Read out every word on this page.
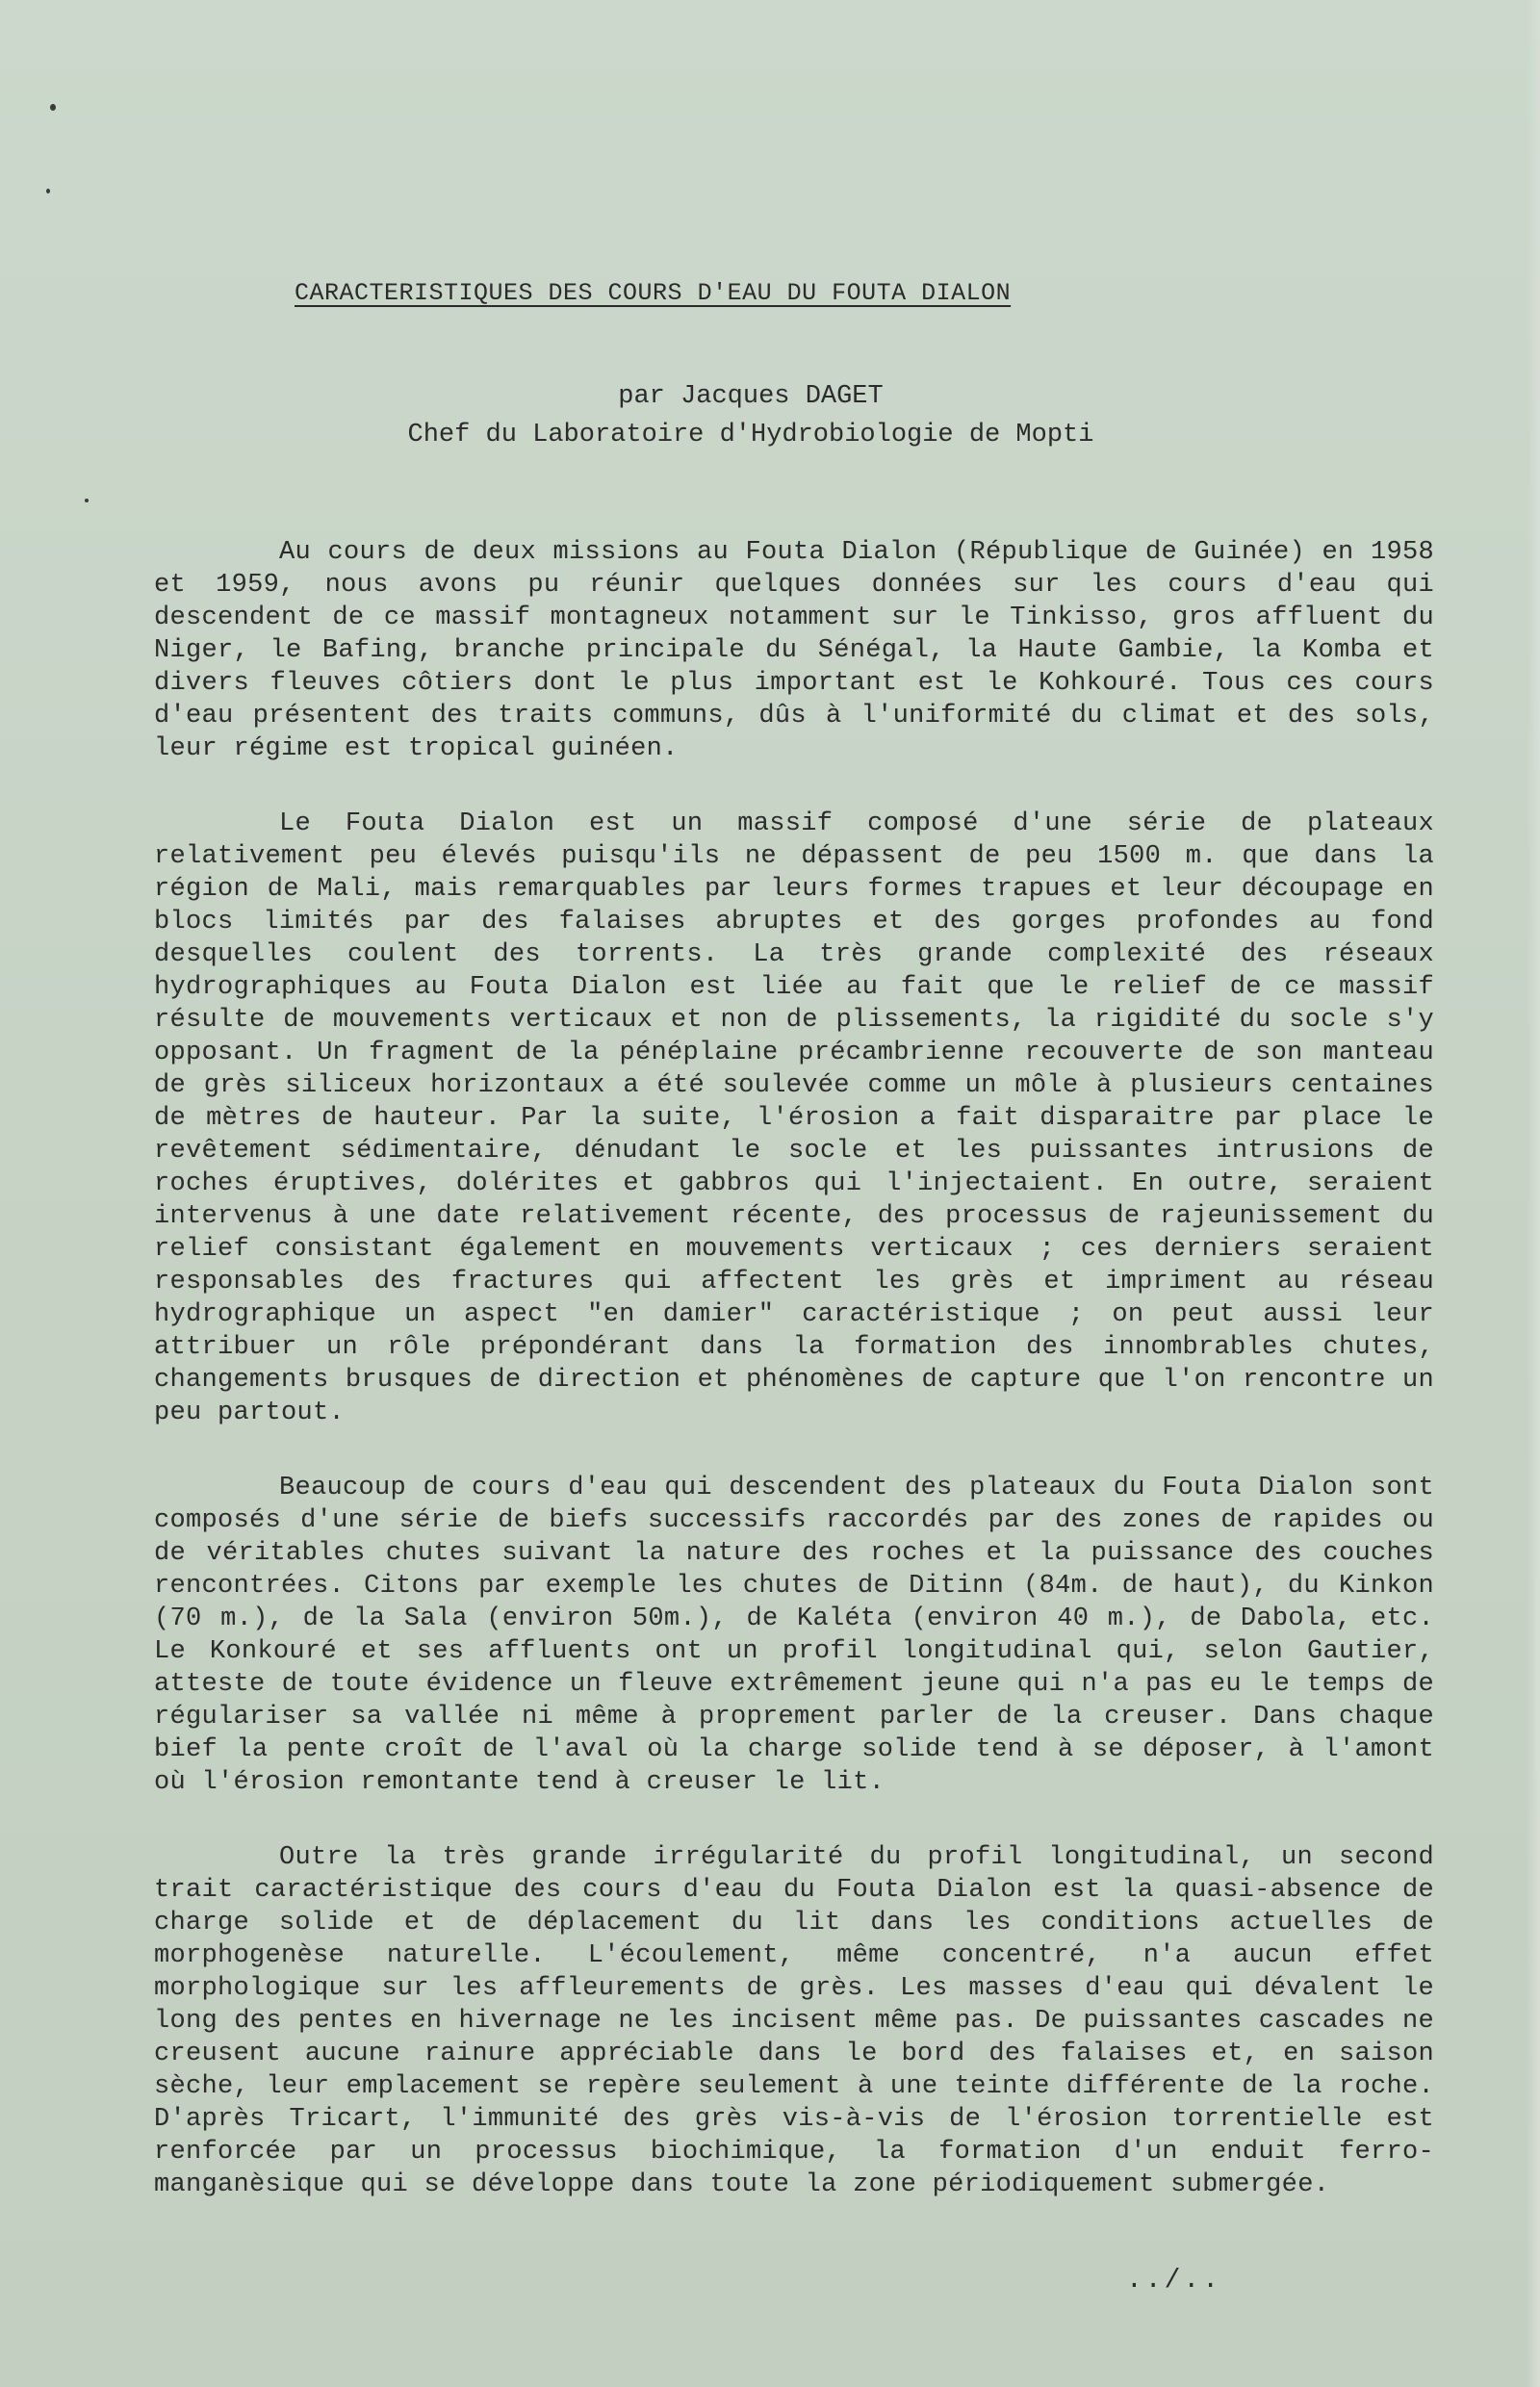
CARACTERISTIQUES DES COURS D'EAU DU FOUTA DIALON
par Jacques DAGET
Chef du Laboratoire d'Hydrobiologie de Mopti

Au cours de deux missions au Fouta Dialon (République de Guinée) en 1958 et 1959, nous avons pu réunir quelques données sur les cours d'eau qui descendent de ce massif montagneux notamment sur le Tinkisso, gros affluent du Niger, le Bafing, branche principale du Sénégal, la Haute Gambie, la Komba et divers fleuves côtiers dont le plus important est le Kohkouré. Tous ces cours d'eau présentent des traits communs, dûs à l'uniformité du climat et des sols, leur régime est tropical guinéen.

Le Fouta Dialon est un massif composé d'une série de plateaux relativement peu élevés puisqu'ils ne dépassent de peu 1500 m. que dans la région de Mali, mais remarquables par leurs formes trapues et leur découpage en blocs limités par des falaises abruptes et des gorges profondes au fond desquelles coulent des torrents. La très grande complexité des réseaux hydrographiques au Fouta Dialon est liée au fait que le relief de ce massif résulte de mouvements verticaux et non de plissements, la rigidité du socle s'y opposant. Un fragment de la pénéplaine précambrienne recouverte de son manteau de grès siliceux horizontaux a été soulevée comme un môle à plusieurs centaines de mètres de hauteur. Par la suite, l'érosion a fait disparaitre par place le revêtement sédimentaire, dénudant le socle et les puissantes intrusions de roches éruptives, dolérites et gabbros qui l'injectaient. En outre, seraient intervenus à une date relativement récente, des processus de rajeunissement du relief consistant également en mouvements verticaux ; ces derniers seraient responsables des fractures qui affectent les grès et impriment au réseau hydrographique un aspect "en damier" caractéristique ; on peut aussi leur attribuer un rôle prépondérant dans la formation des innombrables chutes, changements brusques de direction et phénomènes de capture que l'on rencontre un peu partout.

Beaucoup de cours d'eau qui descendent des plateaux du Fouta Dialon sont composés d'une série de biefs successifs raccordés par des zones de rapides ou de véritables chutes suivant la nature des roches et la puissance des couches rencontrées. Citons par exemple les chutes de Ditinn (84m. de haut), du Kinkon (70 m.), de la Sala (environ 50m.), de Kaléta (environ 40 m.), de Dabola, etc. Le Konkouré et ses affluents ont un profil longitudinal qui, selon Gautier, atteste de toute évidence un fleuve extrêmement jeune qui n'a pas eu le temps de régulariser sa vallée ni même à proprement parler de la creuser. Dans chaque bief la pente croît de l'aval où la charge solide tend à se déposer, à l'amont où l'érosion remontante tend à creuser le lit.

Outre la très grande irrégularité du profil longitudinal, un second trait caractéristique des cours d'eau du Fouta Dialon est la quasi-absence de charge solide et de déplacement du lit dans les conditions actuelles de morphogenèse naturelle. L'écoulement, même concentré, n'a aucun effet morphologique sur les affleurements de grès. Les masses d'eau qui dévalent le long des pentes en hivernage ne les incisent même pas. De puissantes cascades ne creusent aucune rainure appréciable dans le bord des falaises et, en saison sèche, leur emplacement se repère seulement à une teinte différente de la roche. D'après Tricart, l'immunité des grès vis-à-vis de l'érosion torrentielle est renforcée par un processus biochimique, la formation d'un enduit ferro-manganèsique qui se développe dans toute la zone périodiquement submergée.

../..
